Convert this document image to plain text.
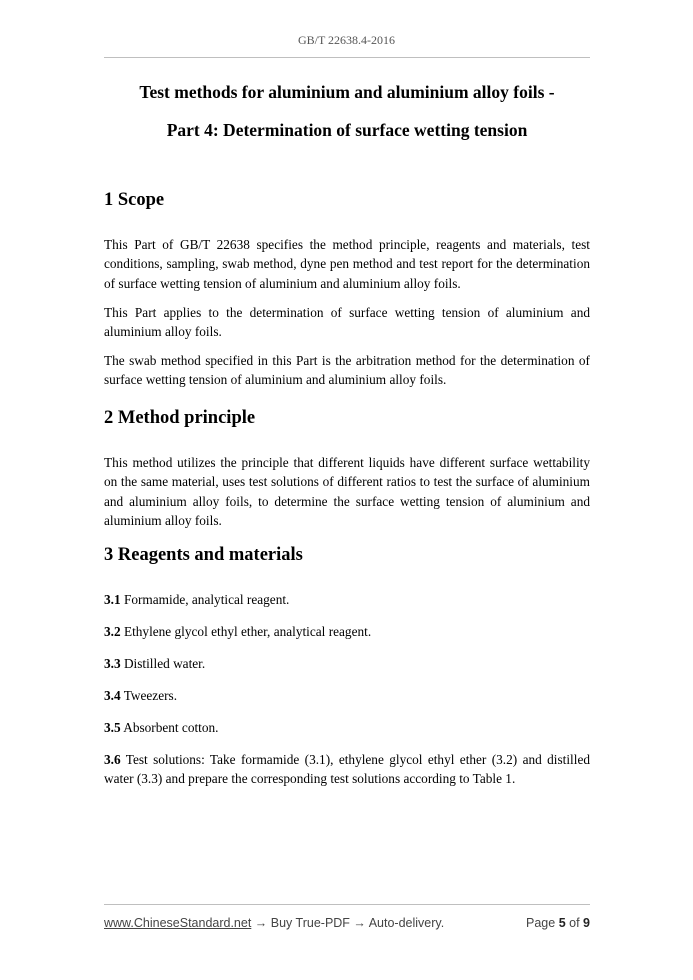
GB/T 22638.4-2016
Test methods for aluminium and aluminium alloy foils -
Part 4: Determination of surface wetting tension
1 Scope

This Part of GB/T 22638 specifies the method principle, reagents and materials, test conditions, sampling, swab method, dyne pen method and test report for the determination of surface wetting tension of aluminium and aluminium alloy foils.

This Part applies to the determination of surface wetting tension of aluminium and aluminium alloy foils.

The swab method specified in this Part is the arbitration method for the determination of surface wetting tension of aluminium and aluminium alloy foils.

2 Method principle

This method utilizes the principle that different liquids have different surface wettability on the same material, uses test solutions of different ratios to test the surface of aluminium and aluminium alloy foils, to determine the surface wetting tension of aluminium and aluminium alloy foils.

3 Reagents and materials

3.1 Formamide, analytical reagent.

3.2 Ethylene glycol ethyl ether, analytical reagent.

3.3 Distilled water.

3.4 Tweezers.

3.5 Absorbent cotton.

3.6 Test solutions: Take formamide (3.1), ethylene glycol ethyl ether (3.2) and distilled water (3.3) and prepare the corresponding test solutions according to Table 1.

www.ChineseStandard.net → Buy True-PDF → Auto-delivery.	Page 5 of 9
